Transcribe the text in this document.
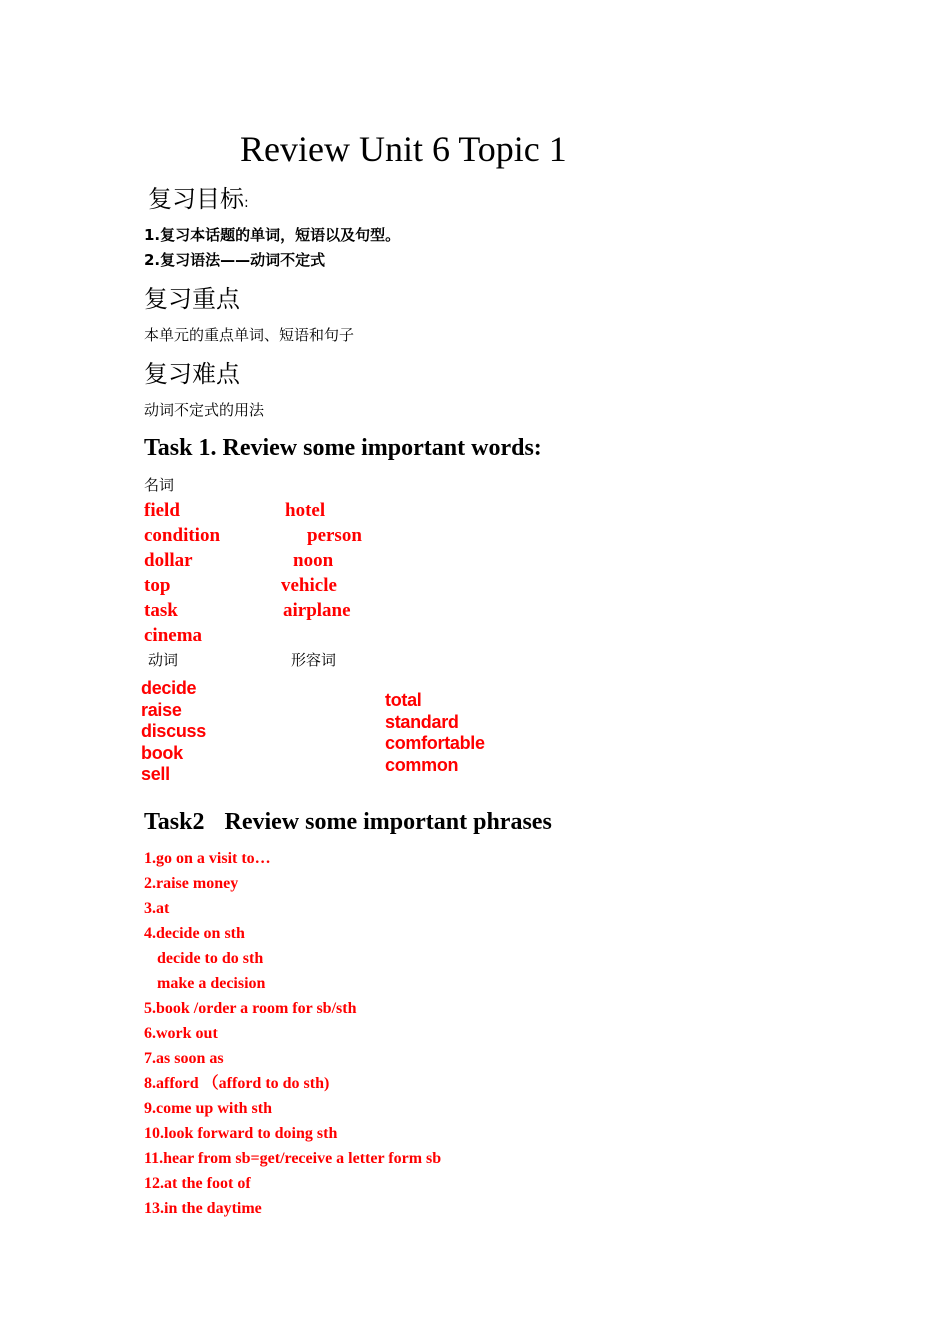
Review Unit 6 Topic 1
复习目标:
1.复习本话题的单词，短语以及句型。
2.复习语法——动词不定式
复习重点
本单元的重点单词、短语和句子
复习难点
动词不定式的用法
Task 1. Review some important words:
名词
field
condition
dollar
top
task
cinema
hotel
person
noon
vehicle
airplane
动词	形容词
decide
raise
discuss
book
sell
total
standard
comfortable
common
Task2 Review some important phrases
1.go on a visit to…
2.raise money
3.at
4.decide on sth
decide to do sth
make a decision
5.book /order a room for sb/sth
6.work out
7.as soon as
8.afford （afford to do sth)
9.come up with sth
10.look forward to doing sth
11.hear from sb=get/receive a letter form sb
12.at the foot of
13.in the daytime
